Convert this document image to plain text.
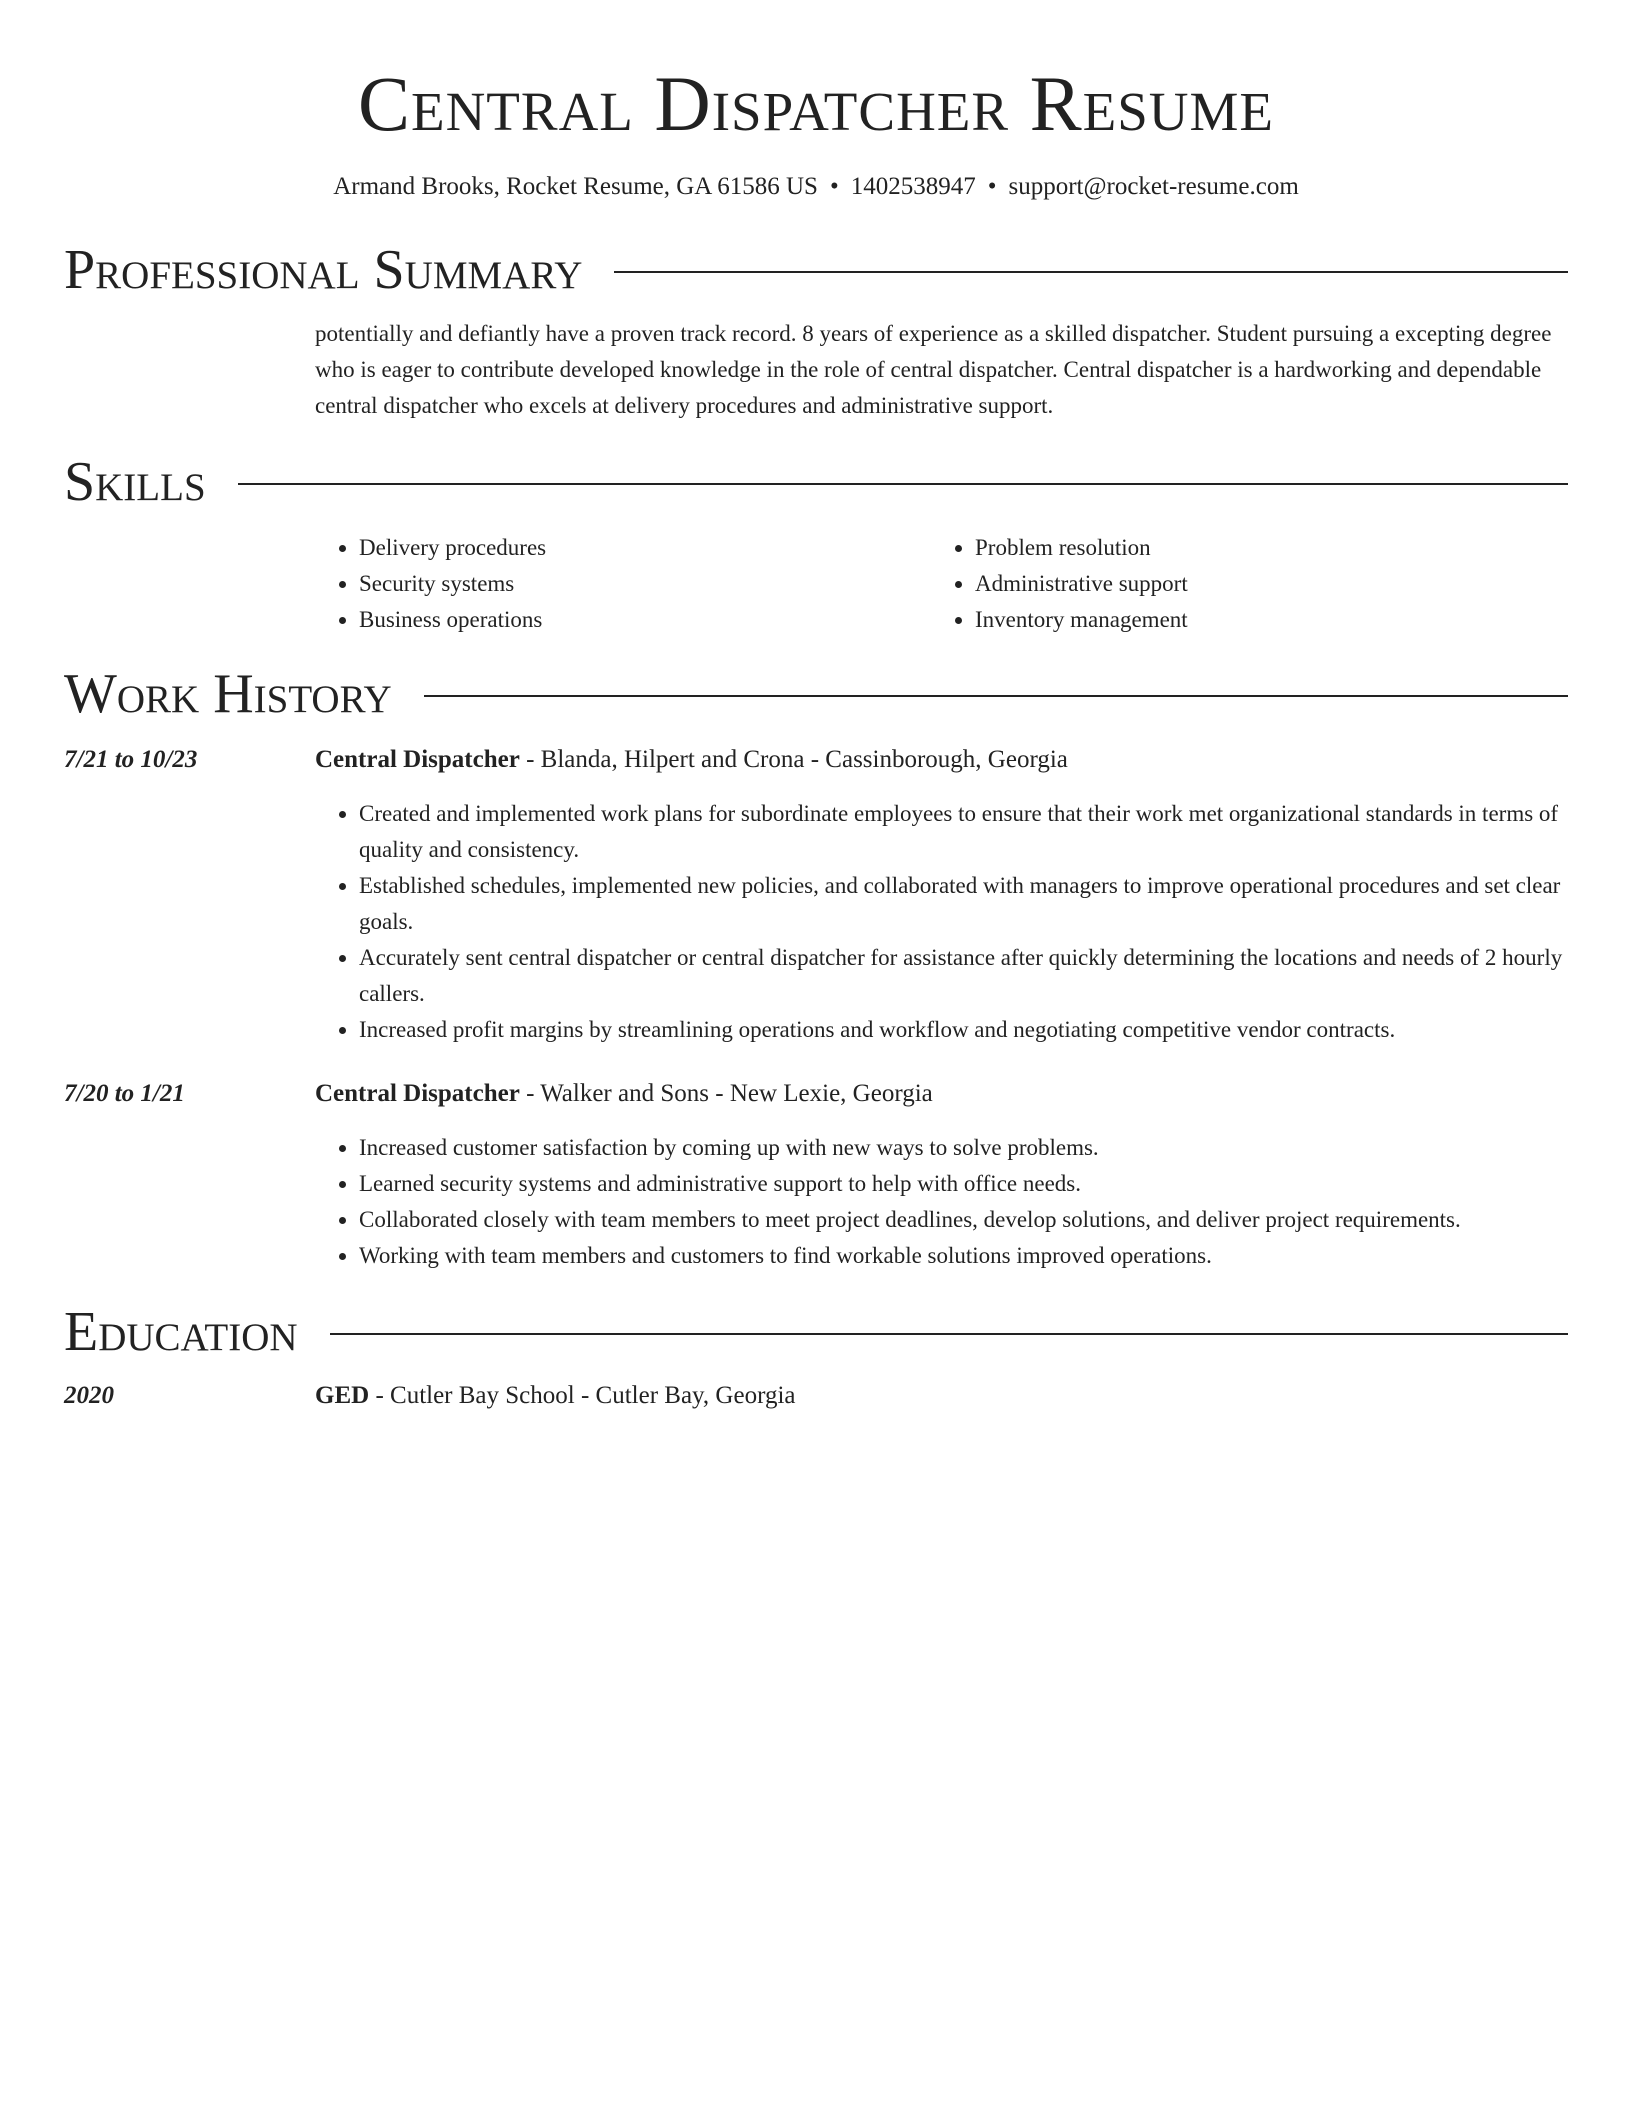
Central Dispatcher Resume
Armand Brooks, Rocket Resume, GA 61586 US • 1402538947 • support@rocket-resume.com
Professional Summary

potentially and defiantly have a proven track record. 8 years of experience as a skilled dispatcher. Student pursuing a excepting degree who is eager to contribute developed knowledge in the role of central dispatcher. Central dispatcher is a hardworking and dependable central dispatcher who excels at delivery procedures and administrative support.

Skills
• Delivery procedures
• Security systems
• Business operations
• Problem resolution
• Administrative support
• Inventory management
Work History
7/21 to 10/23	Central Dispatcher - Blanda, Hilpert and Crona - Cassinborough, Georgia
• Created and implemented work plans for subordinate employees to ensure that their work met organizational standards in terms of quality and consistency.
• Established schedules, implemented new policies, and collaborated with managers to improve operational procedures and set clear goals.
• Accurately sent central dispatcher or central dispatcher for assistance after quickly determining the locations and needs of 2 hourly callers.
• Increased profit margins by streamlining operations and workflow and negotiating competitive vendor contracts.
7/20 to 1/21	Central Dispatcher - Walker and Sons - New Lexie, Georgia
• Increased customer satisfaction by coming up with new ways to solve problems.
• Learned security systems and administrative support to help with office needs.
• Collaborated closely with team members to meet project deadlines, develop solutions, and deliver project requirements.
• Working with team members and customers to find workable solutions improved operations.
Education
2020	GED - Cutler Bay School - Cutler Bay, Georgia
